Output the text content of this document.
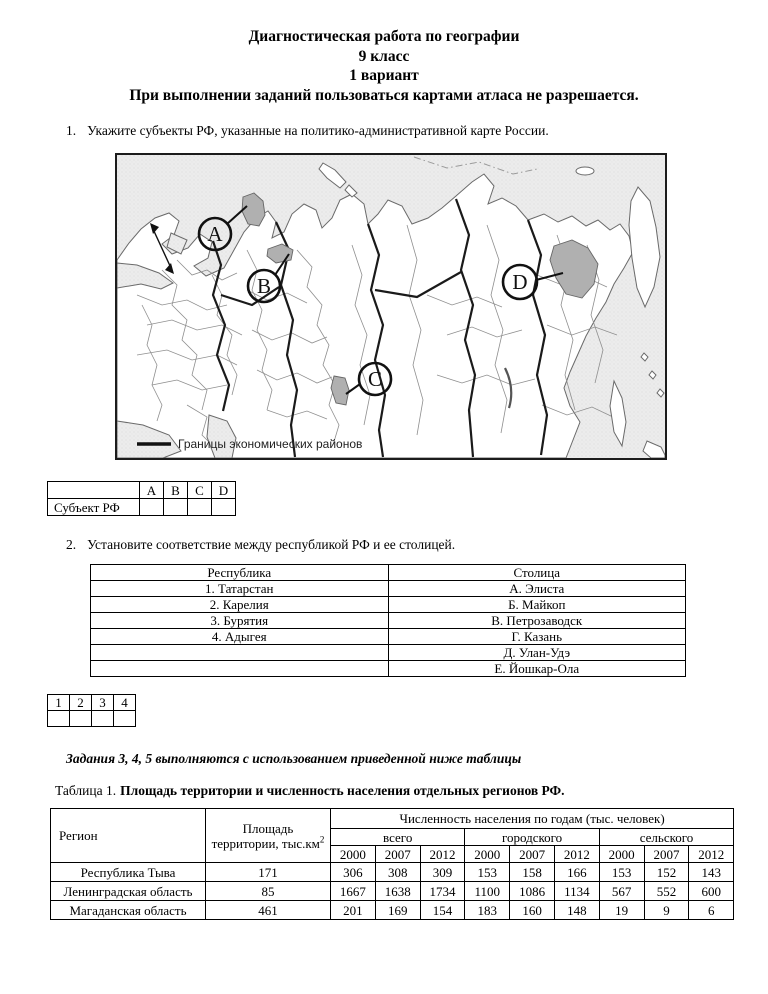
Диагностическая работа по географии
9 класс
1 вариант
При выполнении заданий пользоваться картами атласа не разрешается.
1. Укажите субъекты РФ, указанные на политико-административной карте России.
A
B
C
D
Границы экономических районов
	A	B	C	D
Субъект РФ				
2. Установите соответствие между республикой РФ и ее столицей.
Республика	Столица
1. Татарстан	А. Элиста
2. Карелия	Б. Майкоп
3. Бурятия	В. Петрозаводск
4. Адыгея	Г. Казань
	Д. Улан-Удэ
	Е. Йошкар-Ола
1	2	3	4

Задания 3, 4, 5 выполняются с использованием приведенной ниже таблицы
Таблица 1. Площадь территории и численность населения отдельных регионов РФ.
Регион	Площадь территории, $тыс.км^2$	Численность населения по годам (тыс. человек)								
		всего			городского			сельского		
		2000	2007	2012	2000	2007	2012	2000	2007	2012
Республика Тыва	171	306	308	309	153	158	166	153	152	143
Ленинградская область	85	1667	1638	1734	1100	1086	1134	567	552	600
Магаданская область	461	201	169	154	183	160	148	19	9	6
